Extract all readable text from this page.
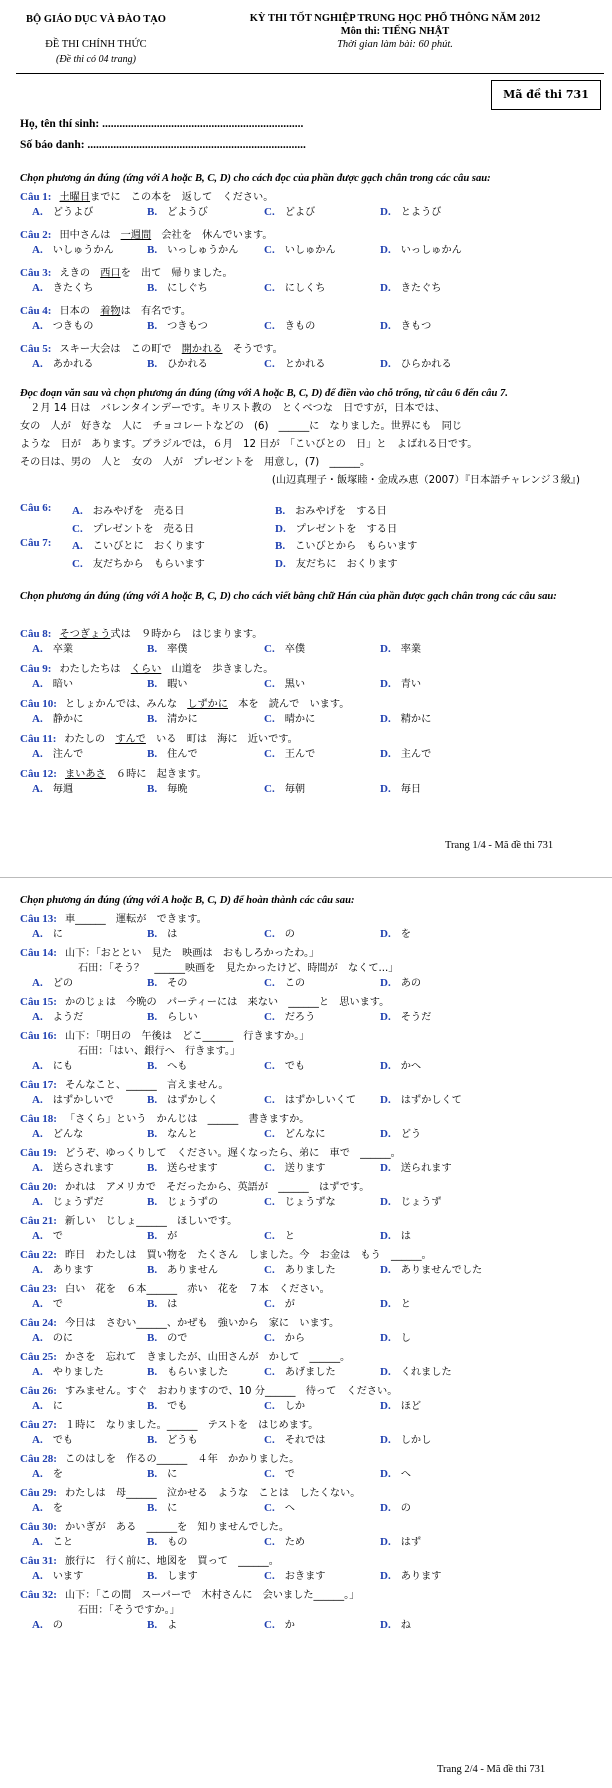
BỘ GIÁO DỤC VÀ ĐÀO TẠO
ĐỀ THI CHÍNH THỨC
(Đề thi có 04 trang)
KỲ THI TỐT NGHIỆP TRUNG HỌC PHỔ THÔNG NĂM 2012
Môn thi: TIẾNG NHẬT
Thời gian làm bài: 60 phút.
Mã đề thi 731
Họ, tên thí sinh: ......................................................................
Số báo danh: ............................................................................
Chọn phương án đúng (ứng với A hoặc B, C, D) cho cách đọc của phần được gạch chân trong các câu sau:
Câu 1: 土曜日までに　この本を　返して　ください。
A. どうよび	B. どようび	C. どよび	D. とようび
Câu 2: 田中さんは　一週間　会社を　休んでいます。
A. いしゅうかん	B. いっしゅうかん C. いしゅかん	D. いっしゅかん
Câu 3: えきの　西口を　出て　帰りました。
A. きたくち	B. にしぐち	C. にしくち	D. きたぐち
Câu 4: 日本の　着物は　有名です。
A. つきもの	B. つきもつ	C. きもの	D. きもつ
Câu 5: スキー大会は　この町で　開かれる　そうです。
A. あかれる	B. ひかれる	C. とかれる	D. ひらかれる
Đọc đoạn văn sau và chọn phương án đúng (ứng với A hoặc B, C, D) để điền vào chỗ trống, từ câu 6 đến câu 7.
　２月 14 日は　バレンタインデーです。キリスト教の　とくべつな　日ですが，日本では、
女の　人が　好きな　人に　チョコレートなどの　(6)　______に　なりました。世界にも　同じ
ような　日が　あります。ブラジルでは，６月　12 日が　「こいびとの　日」と　よばれる日です。
その日は、男の　人と　女の　人が　プレゼントを　用意し，(7)　______。
(山辺真理子・飯塚睦・金成み恵（2007）『日本語チャレンジ３級』)
Câu 6: A. おみやげを　売る日	B. おみやげを　する日
C. プレゼントを　売る日	D. プレゼントを　する日
Câu 7: A. こいびとに　おくります	B. こいびとから　もらいます
C. 友だちから　もらいます	D. 友だちに　おくります
Chọn phương án đúng (ứng với A hoặc B, C, D) cho cách viết bằng chữ Hán của phần được gạch chân trong các câu sau:
Câu 8: そつぎょう式は　９時から　はじまります。
A. 卒業	B. 率僕	C. 卒僕	D. 率業
Câu 9: わたしたちは　くらい　山道を　歩きました。
A. 暗い	B. 暇い	C. 黒い	D. 青い
Câu 10: としょかんでは、みんな　しずかに　本を　読んで　います。
A. 静かに	B. 清かに	C. 晴かに	D. 精かに
Câu 11: わたしの　すんで　いる　町は　海に　近いです。
A. 注んで	B. 住んで	C. 王んで	D. 主んで
Câu 12: まいあさ　６時に　起きます。
A. 毎週	B. 毎晩	C. 毎朝	D. 毎日
Trang 1/4 - Mã đề thi 731
Chọn phương án đúng (ứng với A hoặc B, C, D) để hoàn thành các câu sau:
Câu 13: 車______　運転が　できます。
A. に	B. は	C. の	D. を
Câu 14: 山下：「おととい　見た　映画は　おもしろかったわ。」
石田：「そう？　______映画を　見たかったけど、時間が　なくて...」
A. どの	B. その	C. この	D. あの
Câu 15: かのじょは　今晩の　パーティーには　来ない　______と　思います。
A. ようだ	B. らしい	C. だろう	D. そうだ
Câu 16: 山下：「明日の　午後は　どこ______　行きますか。」
石田：「はい、銀行へ　行きます。」
A. にも	B. へも	C. でも	D. かへ
Câu 17: そんなこと、______　言えません。
A. はずかしいで	B. はずかしく	C. はずかしいくて D. はずかしくて
Câu 18: 「さくら」という　かんじは　______　書きますか。
A. どんな	B. なんと	C. どんなに	D. どう
Câu 19: どうぞ、ゆっくりして　ください。遅くなったら、弟に　車で　______。
A. 送らされます	B. 送らせます	C. 送ります	D. 送られます
Câu 20: かれは　アメリカで　そだったから、英語が　______　はずです。
A. じょうずだ	B. じょうずの	C. じょうずな	D. じょうず
Câu 21: 新しい　じしょ______　ほしいです。
A. で	B. が	C. と	D. は
Câu 22: 昨日　わたしは　買い物を　たくさん　しました。今　お金は　もう　______。
A. あります	B. ありません	C. ありました	D. ありませんでした
Câu 23: 白い　花を　６本______　赤い　花を　７本　ください。
A. で	B. は	C. が	D. と
Câu 24: 今日は　さむい______、かぜも　強いから　家に　います。
A. のに	B. ので	C. から	D. し
Câu 25: かさを　忘れて　きましたが、山田さんが　かして　______。
A. やりました	B. もらいました	C. あげました	D. くれました
Câu 26: すみません。すぐ　おわりますので、10 分______　待って　ください。
A. に	B. でも	C. しか	D. ほど
Câu 27: １時に　なりました。______　テストを　はじめます。
A. でも	B. どうも	C. それでは	D. しかし
Câu 28: このはしを　作るの______　４年　かかりました。
A. を	B. に	C. で	D. へ
Câu 29: わたしは　母______　泣かせる　ような　ことは　したくない。
A. を	B. に	C. へ	D. の
Câu 30: かいぎが　ある　______を　知りませんでした。
A. こと	B. もの	C. ため	D. はず
Câu 31: 旅行に　行く前に、地図を　買って　______。
A. います	B. します	C. おきます	D. あります
Câu 32: 山下：「この間　スーパーで　木村さんに　会いました______。」
石田：「そうですか。」
A. の	B. よ	C. か	D. ね
Trang 2/4 - Mã đề thi 731
